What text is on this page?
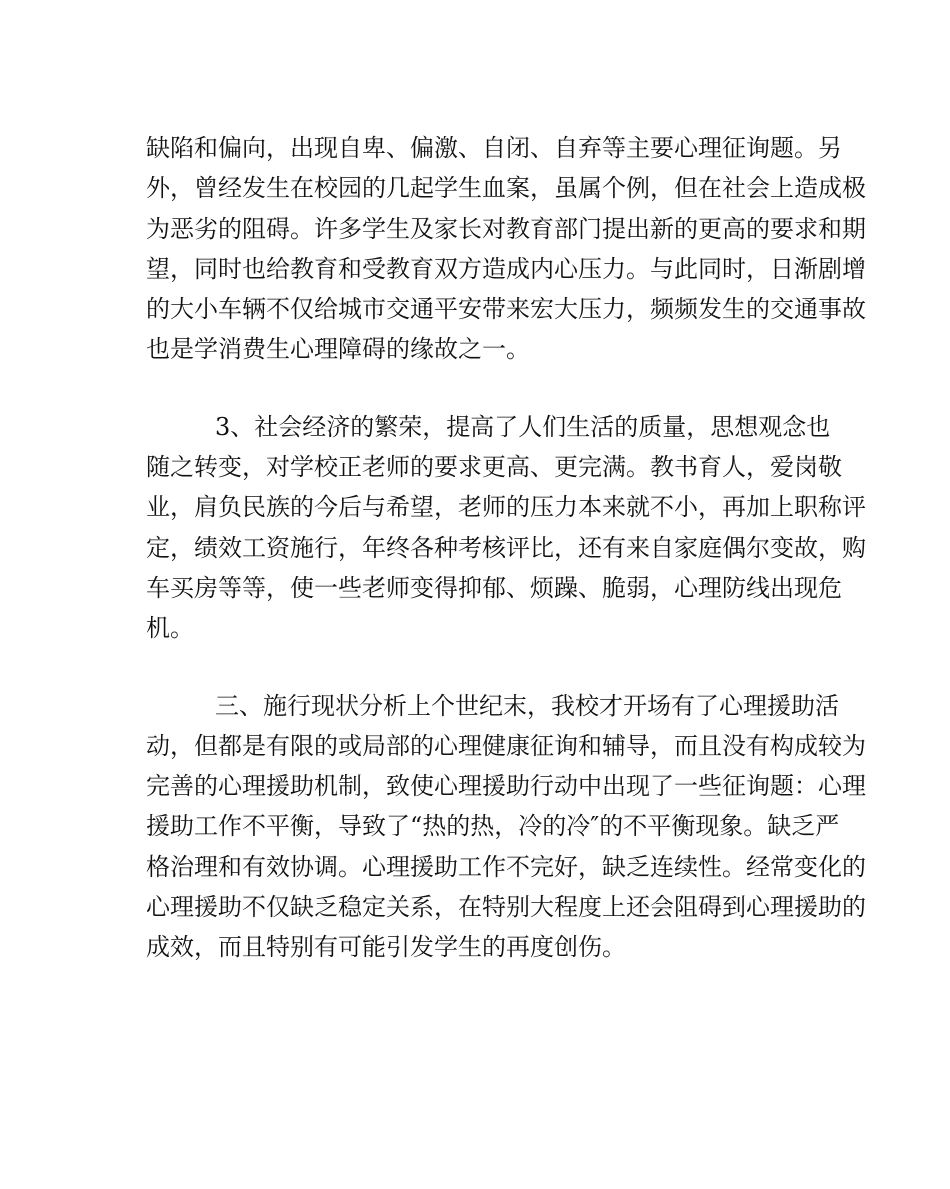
缺陷和偏向，出现自卑、偏激、自闭、自弃等主要心理征询题。另
外，曾经发生在校园的几起学生血案，虽属个例，但在社会上造成极
为恶劣的阻碍。许多学生及家长对教育部门提出新的更高的要求和期
望，同时也给教育和受教育双方造成内心压力。与此同时，日渐剧增
的大小车辆不仅给城市交通平安带来宏大压力，频频发生的交通事故
也是学消费生心理障碍的缘故之一。
3、社会经济的繁荣，提高了人们生活的质量，思想观念也
随之转变，对学校正老师的要求更高、更完满。教书育人，爱岗敬
业，肩负民族的今后与希望，老师的压力本来就不小，再加上职称评
定，绩效工资施行，年终各种考核评比，还有来自家庭偶尔变故，购
车买房等等，使一些老师变得抑郁、烦躁、脆弱，心理防线出现危
机。
三、施行现状分析上个世纪末，我校才开场有了心理援助活
动，但都是有限的或局部的心理健康征询和辅导，而且没有构成较为
完善的心理援助机制，致使心理援助行动中出现了一些征询题：心理
援助工作不平衡，导致了“热的热，冷的冷″的不平衡现象。缺乏严
格治理和有效协调。心理援助工作不完好，缺乏连续性。经常变化的
心理援助不仅缺乏稳定关系，在特别大程度上还会阻碍到心理援助的
成效，而且特别有可能引发学生的再度创伤。
